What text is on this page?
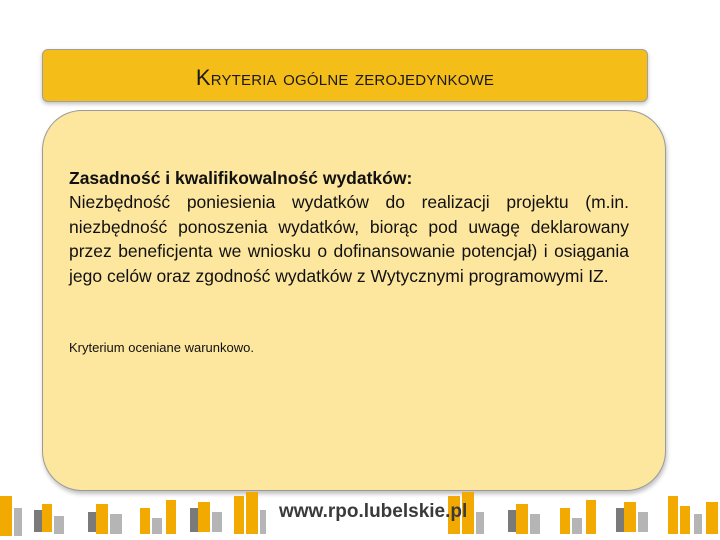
Kryteria ogólne zerojedynkowe

Zasadność i kwalifikowalność wydatków:

Niezbędność poniesienia wydatków do realizacji projektu (m.in. niezbędność ponoszenia wydatków, biorąc pod uwagę deklarowany przez beneficjenta we wniosku o dofinansowanie potencjał) i osiągania jego celów oraz zgodność wydatków z Wytycznymi programowymi IZ.

Kryterium oceniane warunkowo.
www.rpo.lubelskie.pl
